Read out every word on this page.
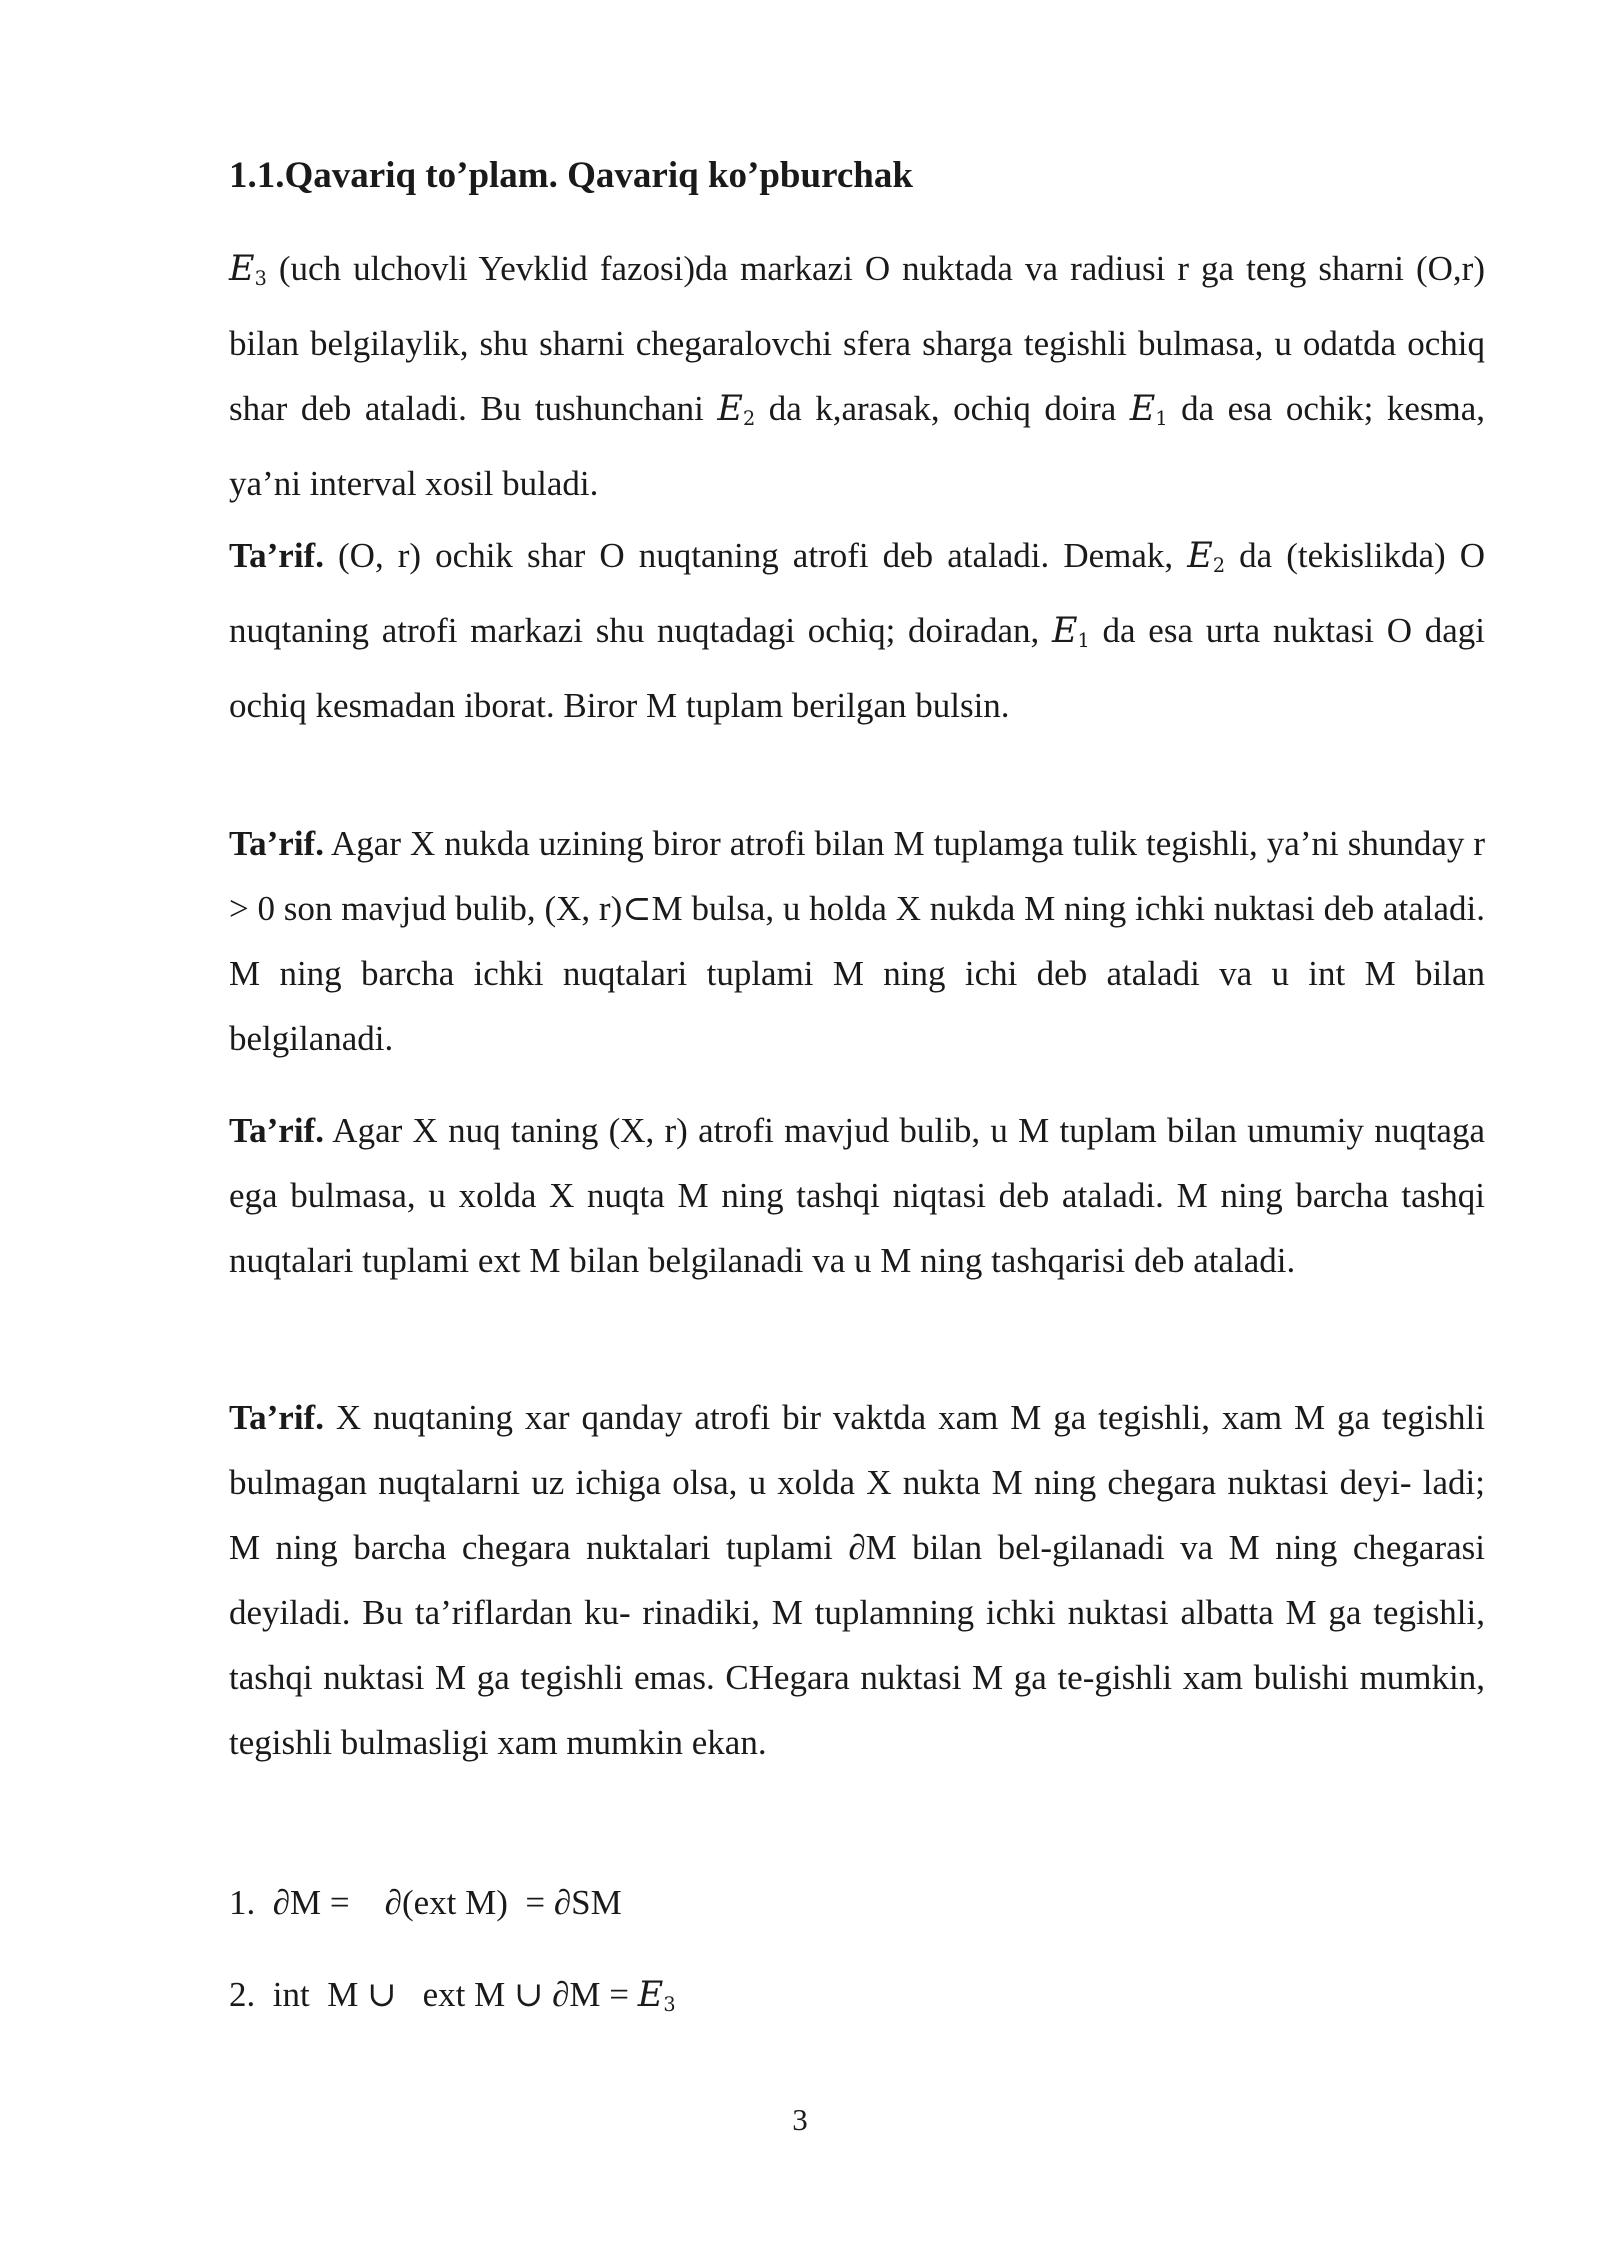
1.1.Qavariq to’plam. Qavariq ko’pburchak
$E_3$ (uch ulchovli Yevklid fazosi)da markazi O nuktada va radiusi r ga teng sharni (O,r) bilan belgilaylik, shu sharni chegaralovchi sfera sharga tegishli bulmasa, u odatda ochiq shar deb ataladi. Bu tushunchani $E_2$ da k,arasak, ochiq doira $E_1$ da esa ochik; kesma, ya’ni interval xosil buladi.
Ta’rif. (O, r) ochik shar O nuqtaning atrofi deb ataladi. Demak, $E_2$ da (tekislikda) O nuqtaning atrofi markazi shu nuqtadagi ochiq; doiradan, $E_1$ da esa urta nuktasi O dagi ochiq kesmadan iborat. Biror M tuplam berilgan bulsin.
Ta’rif. Agar X nukda uzining biror atrofi bilan M tuplamga tulik tegishli, ya’ni shunday r > 0 son mavjud bulib, (X, r)⊂M bulsa, u holda X nukda M ning ichki nuktasi deb ataladi. M ning barcha ichki nuqtalari tuplami M ning ichi deb ataladi va u int M bilan belgilanadi.
Ta’rif. Agar X nuq taning (X, r) atrofi mavjud bulib, u M tuplam bilan umumiy nuqtaga ega bulmasa, u xolda X nuqta M ning tashqi niqtasi deb ataladi. M ning barcha tashqi nuqtalari tuplami ext M bilan belgilanadi va u M ning tashqarisi deb ataladi.
Ta’rif. X nuqtaning xar qanday atrofi bir vaktda xam M ga tegishli, xam M ga tegishli bulmagan nuqtalarni uz ichiga olsa, u xolda X nukta M ning chegara nuktasi deyi- ladi; M ning barcha chegara nuktalari tuplami ∂M bilan bel-gilanadi va M ning chegarasi deyiladi. Bu ta’riflardan ku- rinadiki, M tuplamning ichki nuktasi albatta M ga tegishli, tashqi nuktasi M ga tegishli emas. CHegara nuktasi M ga te-gishli xam bulishi mumkin, tegishli bulmasligi xam mumkin ekan.
1.  ∂M =    ∂(ext M)  = ∂SM
2.  int  M ∪   ext M ∪ $\partial M = E_3$
3
